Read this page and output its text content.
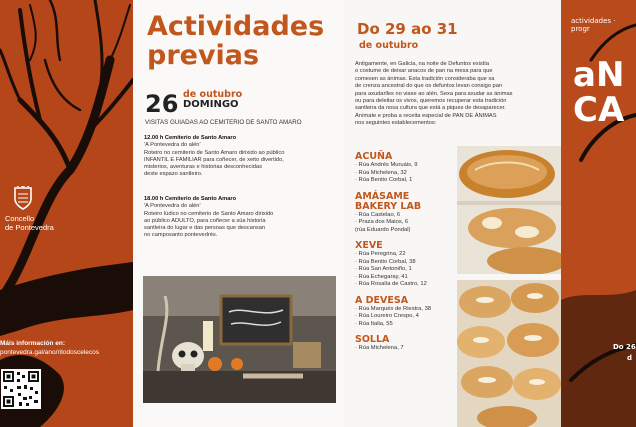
Concello
de Pontevedra
Máis información en:
pontevedra.gal/ano/ritodoscelecos
Actividades
previas
26 de outubro
DOMINGO
VISITAS GUIADAS AO CEMITERIO DE SANTO AMARO
12.00 h Cemiterio de Santo Amaro
'A Pontevedra do alén'
Roteiro no cemiterio de Santo Amaro dirixido ao público
INFANTIL E FAMILIAR para coñecer, de xeito divertido,
misterios, aventuras e historias desconhecidas
deste espazo santleiro.
18.00 h Cemiterio de Santo Amaro
'A Pontevedra do alén'
Roteiro lúdico no cemiterio de Santo Amaro dirixido
ao público ADULTO, para coñecer a súa historia
santleira do lugar e das persoas que descansan
no camposanto pontevedrés.
Do 29 ao 31
de outubro
Antigamente, en Galicia, na noite de Defuntos existía
o costume de deixar anacos de pan na mesa para que
comesen as ánimas. Esta tradición consideraba que xa
de crenza ancestral do que os defuntos levan consigo pan
para axudarlles no viaxe ao alén. Sexa para axudar as ánimas
ou para deleitar os vivos, queremos recuperar esta tradición
santleira da nosa cultura que está a piques de desaparecer.
Anímate e proba a receita especial de PAN DE ÁNIMAS
nos seguintes establecementos:
ACUÑA
· Rúa Andrés Muruáis, 9
· Rúa Michelena, 32
· Rúa Benito Corbal, 1
AMÁSAME
BAKERY LAB
· Rúa Castelao, 6
· Praza dos Maios, 6
(rúa Eduardo Pondal)
XEVE
· Rúa Peregrina, 22
· Rúa Benito Corbal, 38
· Rúa San Antoniño, 1
· Rúa Echegaray, 41
· Rúa Rosalía de Castro, 12
A DEVESA
· Rúa Marqués de Riestra, 38
· Rúa Loureiro Crespo, 4
· Rúa Italia, 55
SOLLA
· Rúa Michelena, 7
actividades · progr
aN
CA
Do 26
d
